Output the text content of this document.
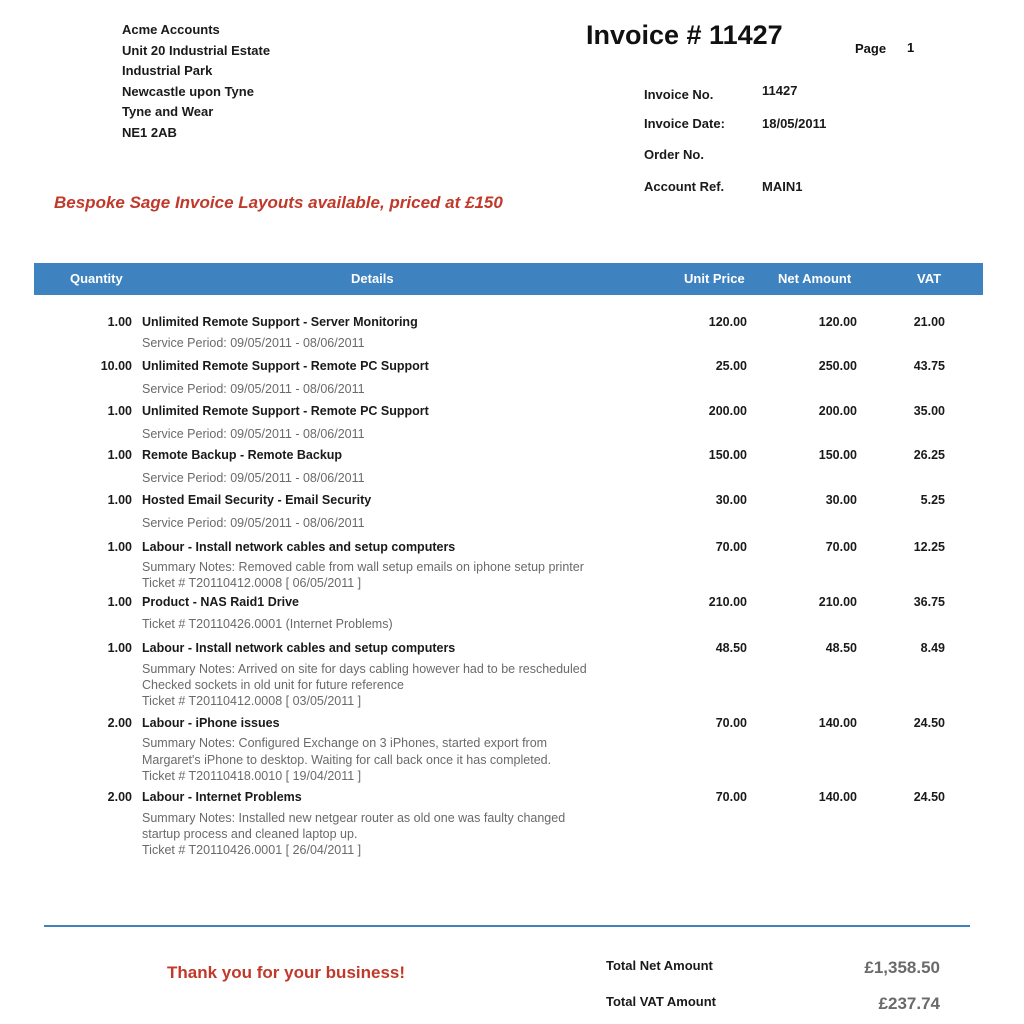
Acme Accounts
Unit 20 Industrial Estate
Industrial Park
Newcastle upon Tyne
Tyne and Wear
NE1 2AB
Invoice # 11427	Page 1
Invoice No.	11427
Invoice Date:	18/05/2011
Order No.
Account Ref.	MAIN1
Bespoke Sage Invoice Layouts available, priced at £150
Quantity	Details	Unit Price	Net Amount	VAT
1.00 Unlimited Remote Support - Server Monitoring	120.00	120.00	21.00
Service Period: 09/05/2011 - 08/06/2011
10.00 Unlimited Remote Support - Remote PC Support	25.00	250.00	43.75
Service Period: 09/05/2011 - 08/06/2011
1.00 Unlimited Remote Support - Remote PC Support	200.00	200.00	35.00
Service Period: 09/05/2011 - 08/06/2011
1.00 Remote Backup - Remote Backup	150.00	150.00	26.25
Service Period: 09/05/2011 - 08/06/2011
1.00 Hosted Email Security - Email Security	30.00	30.00	5.25
Service Period: 09/05/2011 - 08/06/2011
1.00 Labour - Install network cables and setup computers	70.00	70.00	12.25
Summary Notes: Removed cable from wall setup emails on iphone setup printer
Ticket # T20110412.0008 [ 06/05/2011 ]
1.00 Product - NAS Raid1 Drive	210.00	210.00	36.75
Ticket # T20110426.0001 (Internet Problems)
1.00 Labour - Install network cables and setup computers	48.50	48.50	8.49
Summary Notes: Arrived on site for days cabling however had to be rescheduled
Checked sockets in old unit for future reference
Ticket # T20110412.0008 [ 03/05/2011 ]
2.00 Labour - iPhone issues	70.00	140.00	24.50
Summary Notes: Configured Exchange on 3 iPhones, started export from
Margaret's iPhone to desktop. Waiting for call back once it has completed.
Ticket # T20110418.0010 [ 19/04/2011 ]
2.00 Labour - Internet Problems	70.00	140.00	24.50
Summary Notes: Installed new netgear router as old one was faulty changed
startup process and cleaned laptop up.
Ticket # T20110426.0001 [ 26/04/2011 ]
Thank you for your business!	Total Net Amount	£1,358.50
Total VAT Amount	£237.74
